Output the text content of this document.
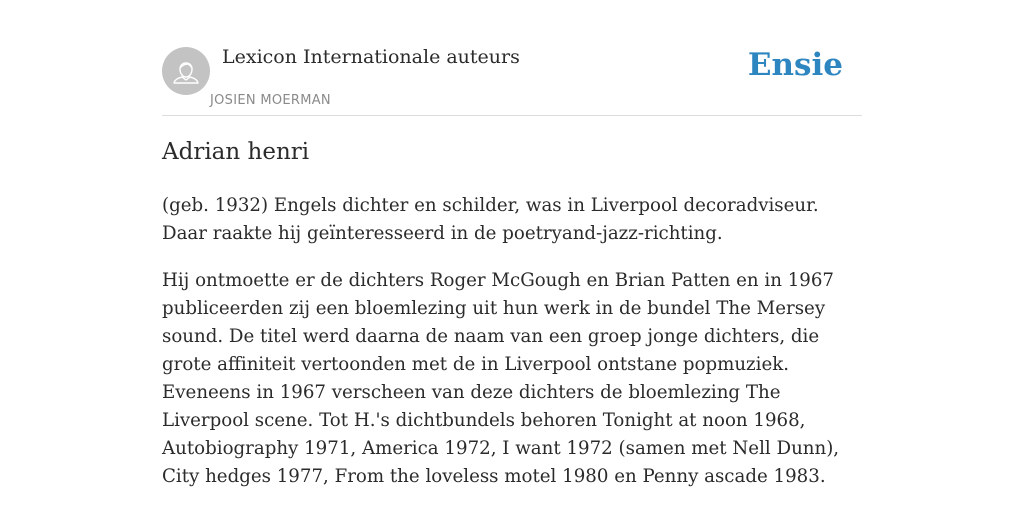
Lexicon Internationale auteurs
JOSIEN MOERMAN
Ensie
Adrian henri

(geb. 1932) Engels dichter en schilder, was in Liverpool decoradviseur. Daar raakte hij geïnteresseerd in de poetryand-jazz-richting.

Hij ontmoette er de dichters Roger McGough en Brian Patten en in 1967 publiceerden zij een bloemlezing uit hun werk in de bundel The Mersey sound. De titel werd daarna de naam van een groep jonge dichters, die grote affiniteit vertoonden met de in Liverpool ontstane popmuziek. Eveneens in 1967 verscheen van deze dichters de bloemlezing The Liverpool scene. Tot H.'s dichtbundels behoren Tonight at noon 1968, Autobiography 1971, America 1972, I want 1972 (samen met Nell Dunn), City hedges 1977, From the loveless motel 1980 en Penny ascade 1983.
